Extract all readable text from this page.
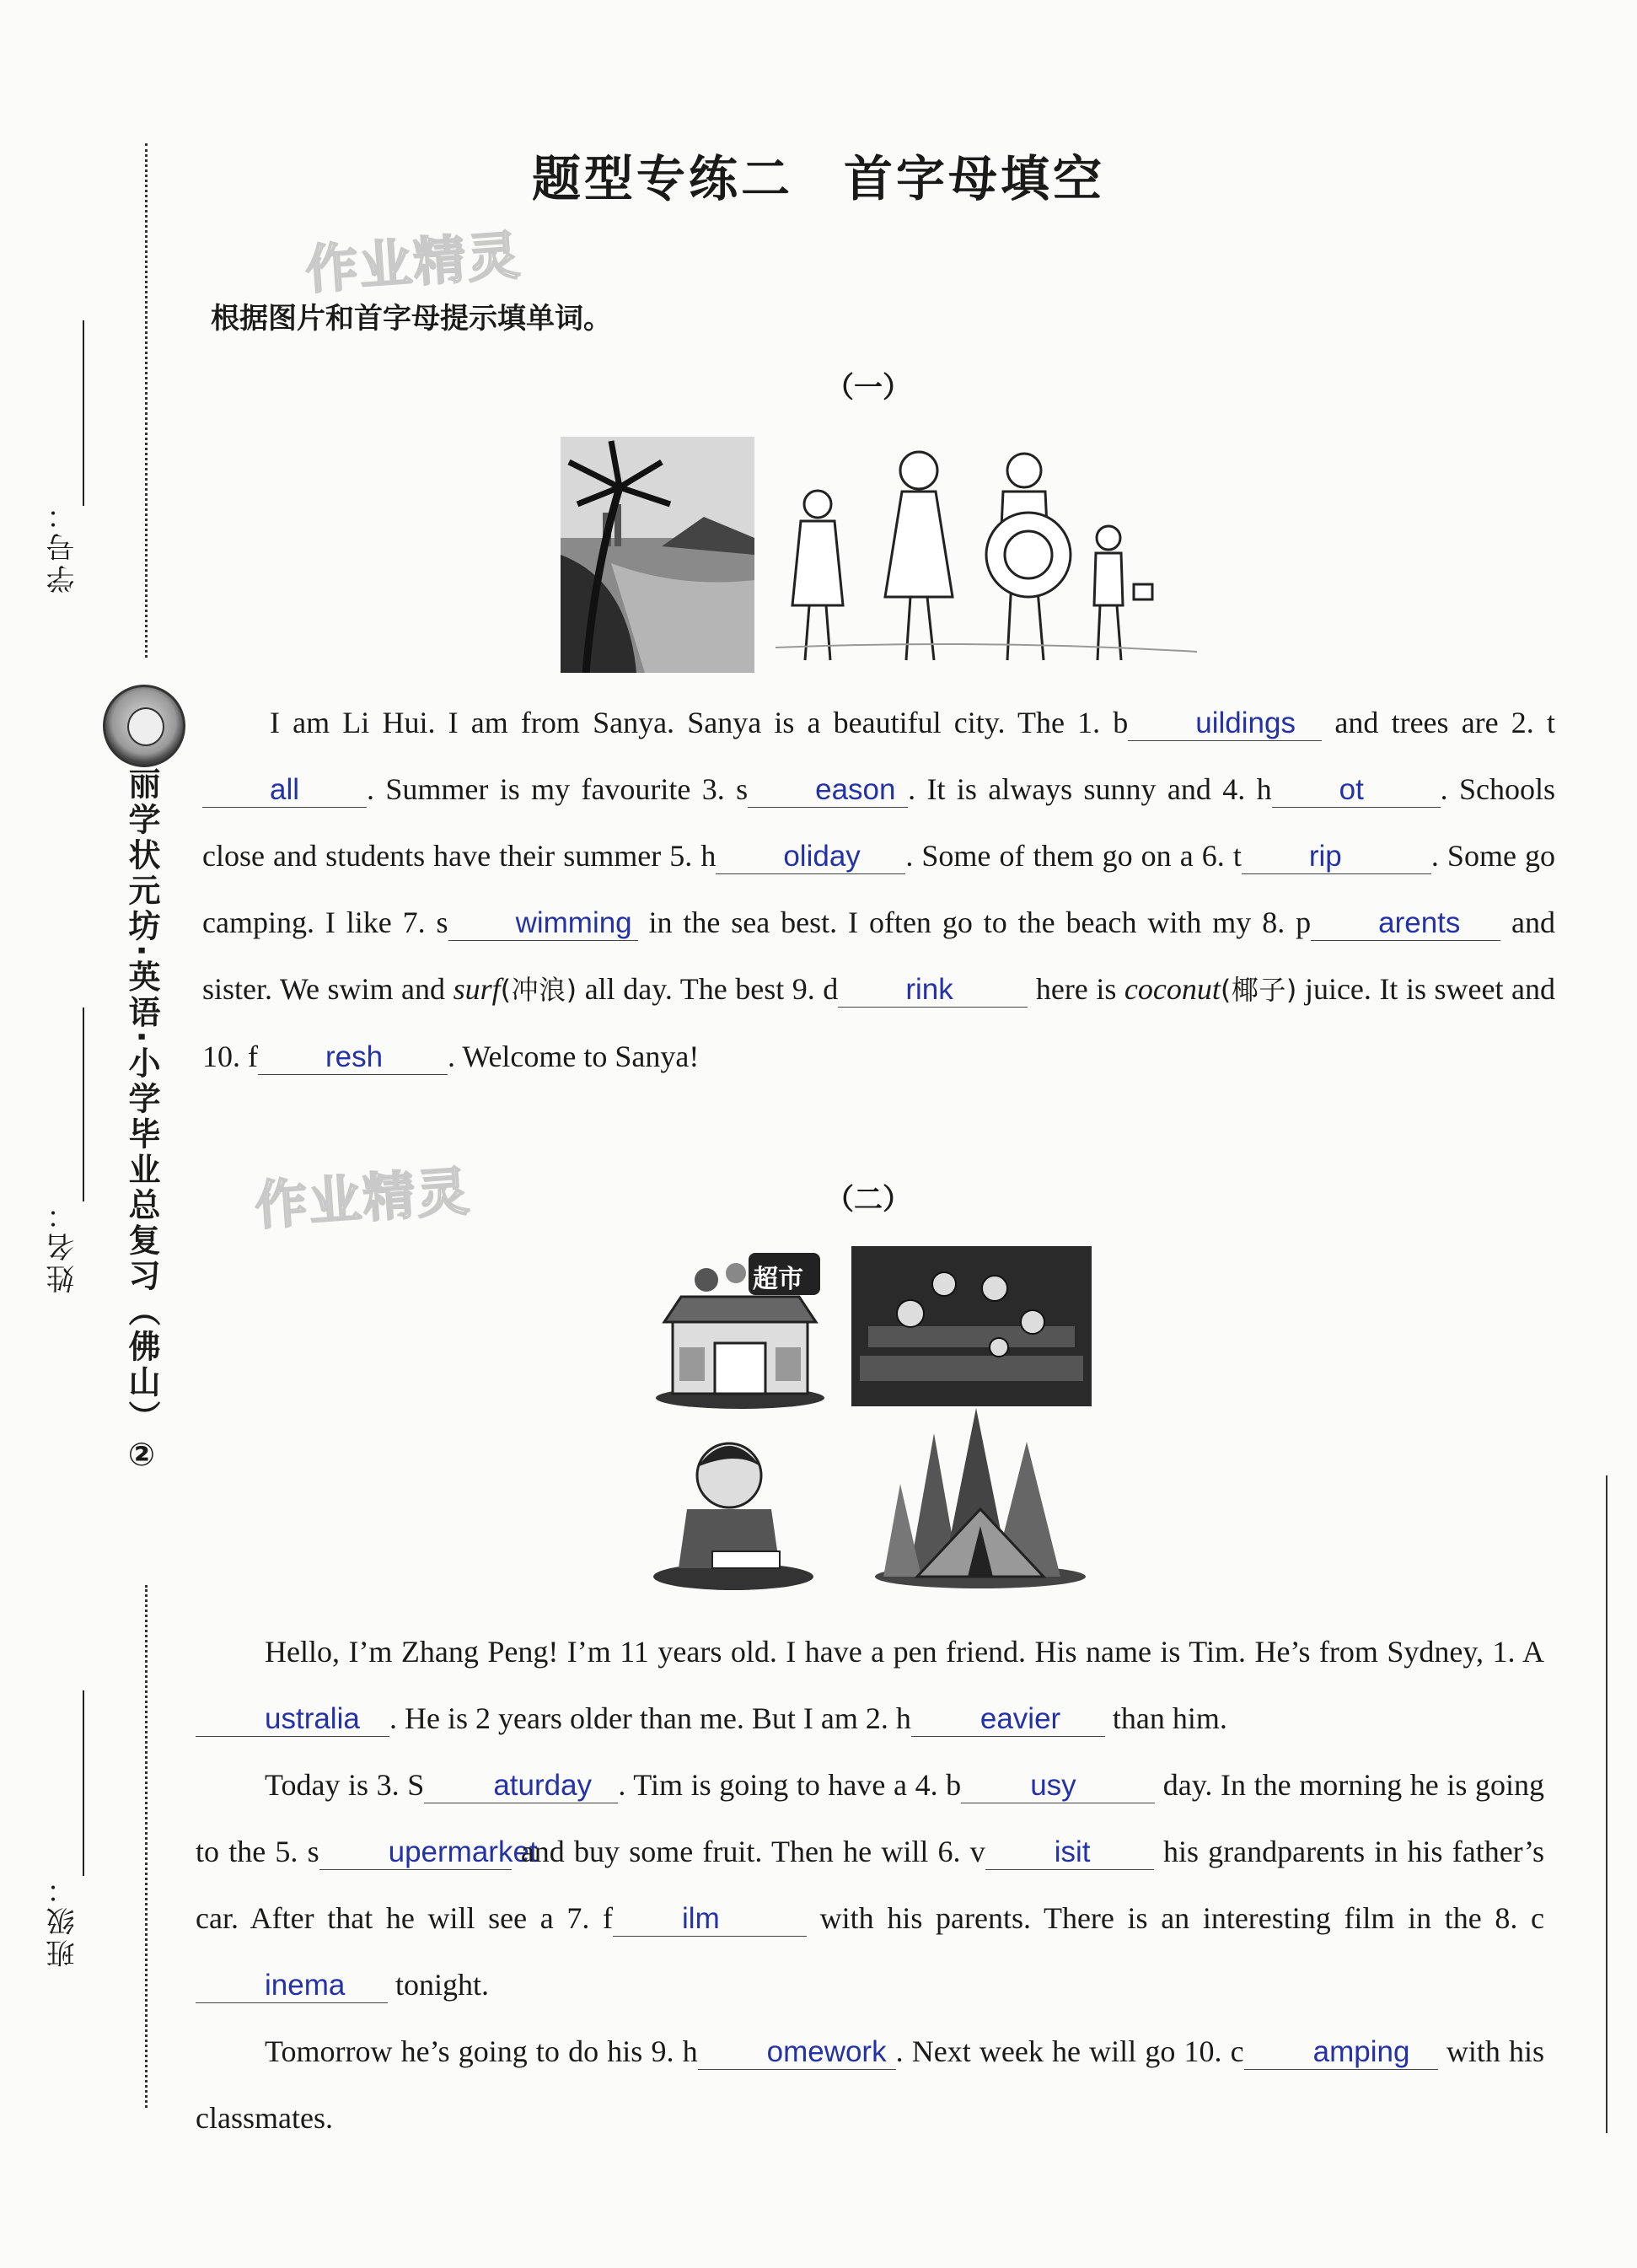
学号：
姓名：
班级：
丽学状元坊·英语·小学毕业总复习（佛山）②
题型专练二 首字母填空
作业精灵
作业精灵
根据图片和首字母提示填单词。
（一）

I am Li Hui. I am from Sanya. Sanya is a beautiful city. The 1. b uildings and trees are 2. tall . Summer is my favourite 3. s eason . It is always sunny and 4. h ot	. Schools close and students have their summer 5. h oliday . Some of them go on a 6. t rip	. Some go camping. I like 7. s wimming in the sea best. I often go to the beach with my 8. p arents and sister. We swim and surf(冲浪) all day. The best 9. d rink here is coconut(椰子) juice. It is sweet and 10. f resh . Welcome to Sanya!

（二）
超市

Hello, I’m Zhang Peng! I’m 11 years old. I have a pen friend. His name is Tim. He’s from Sydney, 1. Australia . He is 2 years older than me. But I am 2. h eavier than him.

Today is 3. S aturday . Tim is going to have a 4. b usy	day. In the morning he is going to the 5. s upermarket and buy some fruit. Then he will 6. v isit his grandparents in his father’s car. After that he will see a 7. f ilm	with his parents. There is an interesting film in the 8. cinema tonight.

Tomorrow he’s going to do his 9. h omework . Next week he will go 10. c amping with his classmates.
